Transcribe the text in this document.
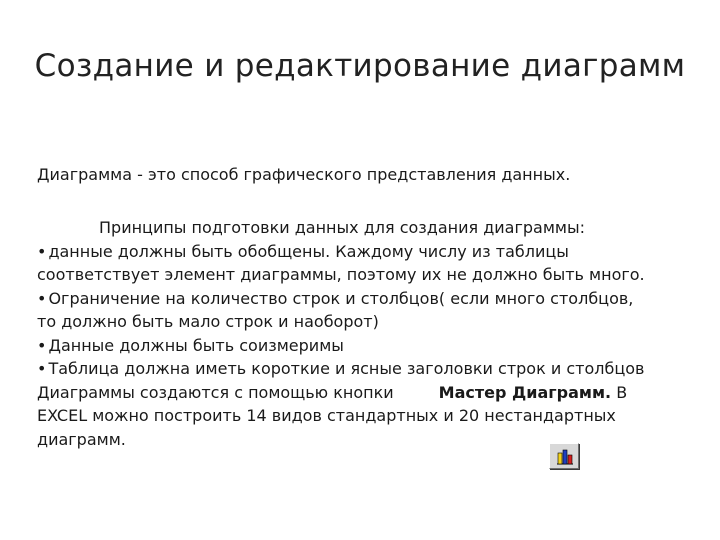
Создание и редактирование диаграмм

Диаграмма - это способ графического представления данных.

Принципы подготовки данных для создания диаграммы:
• данные должны быть обобщены. Каждому числу из таблицы
соответствует элемент диаграммы, поэтому их не должно быть много.
• Ограничение на количество строк и столбцов( если много столбцов,
то должно быть мало строк и наоборот)
• Данные должны быть соизмеримы
• Таблица должна иметь короткие и ясные заголовки строк и столбцов
Диаграммы создаются с помощью кнопки	Мастер Диаграмм. В
EXCEL можно построить 14 видов стандартных и 20 нестандартных
диаграмм.
